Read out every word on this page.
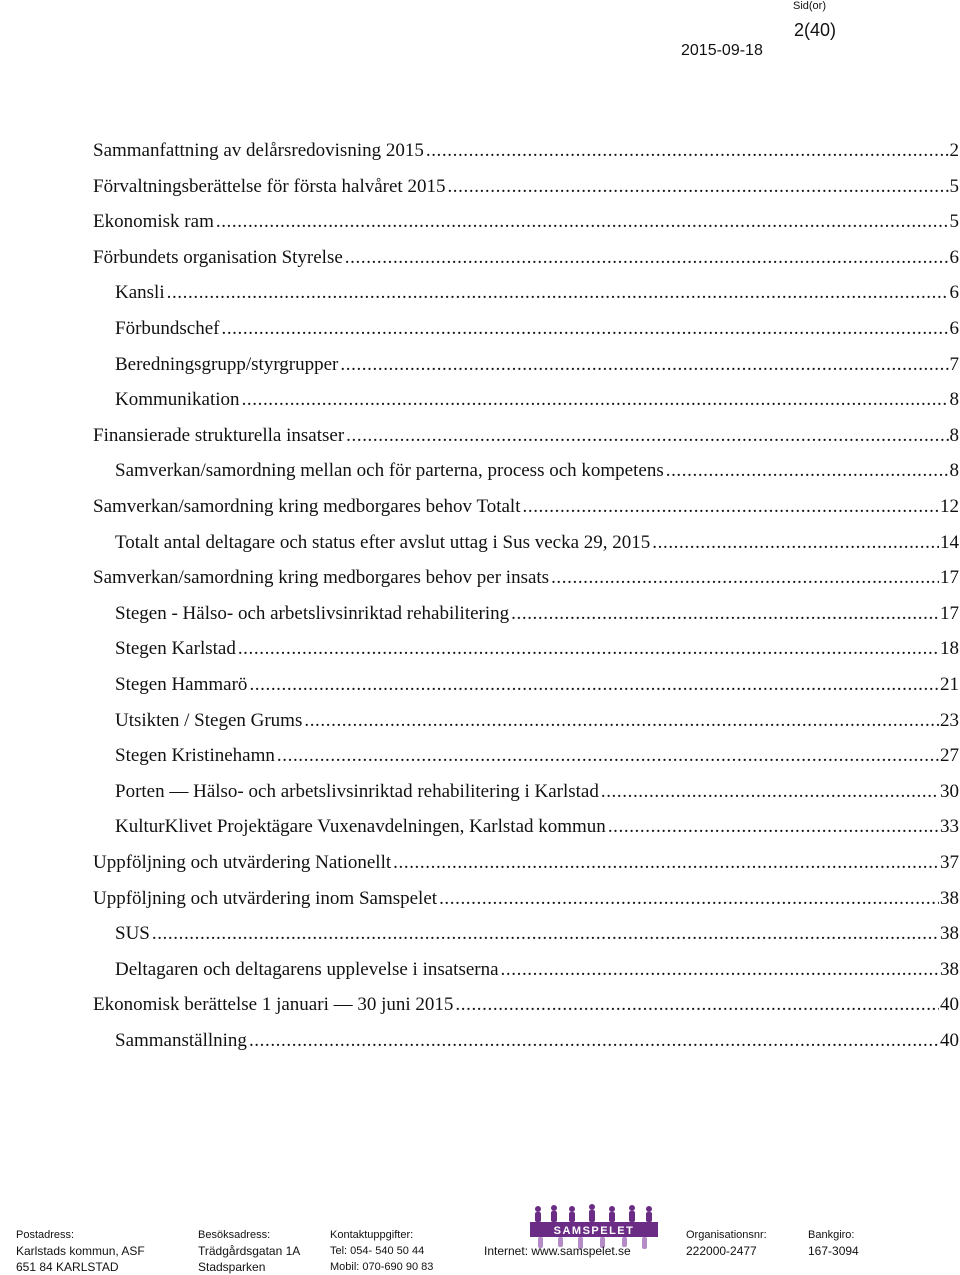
Sid(or)
2(40)
2015-09-18
Sammanfattning av delårsredovisning 2015 .....	2
Förvaltningsberättelse för första halvåret 2015 .....	5
Ekonomisk ram .....	5
Förbundets organisation Styrelse .....	6
Kansli .....	6
Förbundschef .....	6
Beredningsgrupp/styrgrupper .....	7
Kommunikation .....	8
Finansierade strukturella insatser .....	8
Samverkan/samordning mellan och för parterna, process och kompetens .....	8
Samverkan/samordning kring medborgares behov Totalt .....	12
Totalt antal deltagare och status efter avslut uttag i Sus vecka 29, 2015 .....	14
Samverkan/samordning kring medborgares behov per insats .....	17
Stegen - Hälso- och arbetslivsinriktad rehabilitering .....	17
Stegen Karlstad .....	18
Stegen Hammarö .....	21
Utsikten / Stegen Grums .....	23
Stegen Kristinehamn .....	27
Porten — Hälso- och arbetslivsinriktad rehabilitering i Karlstad .....	30
KulturKlivet Projektägare Vuxenavdelningen, Karlstad kommun .....	33
Uppföljning och utvärdering Nationellt .....	37
Uppföljning och utvärdering inom Samspelet .....	38
SUS .....	38
Deltagaren och deltagarens upplevelse i insatserna .....	38
Ekonomisk berättelse 1 januari — 30 juni 2015 .....	40
Sammanställning .....	40
SAMSPELET
Postadress:
Karlstads kommun, ASF
651 84 KARLSTAD
Besöksadress:
Trädgårdsgatan 1A
Stadsparken
Kontaktuppgifter:
Tel: 054- 540 50 44
Mobil: 070-690 90 83
Internet: www.samspelet.se
Organisationsnr:
222000-2477
Bankgiro:
167-3094
